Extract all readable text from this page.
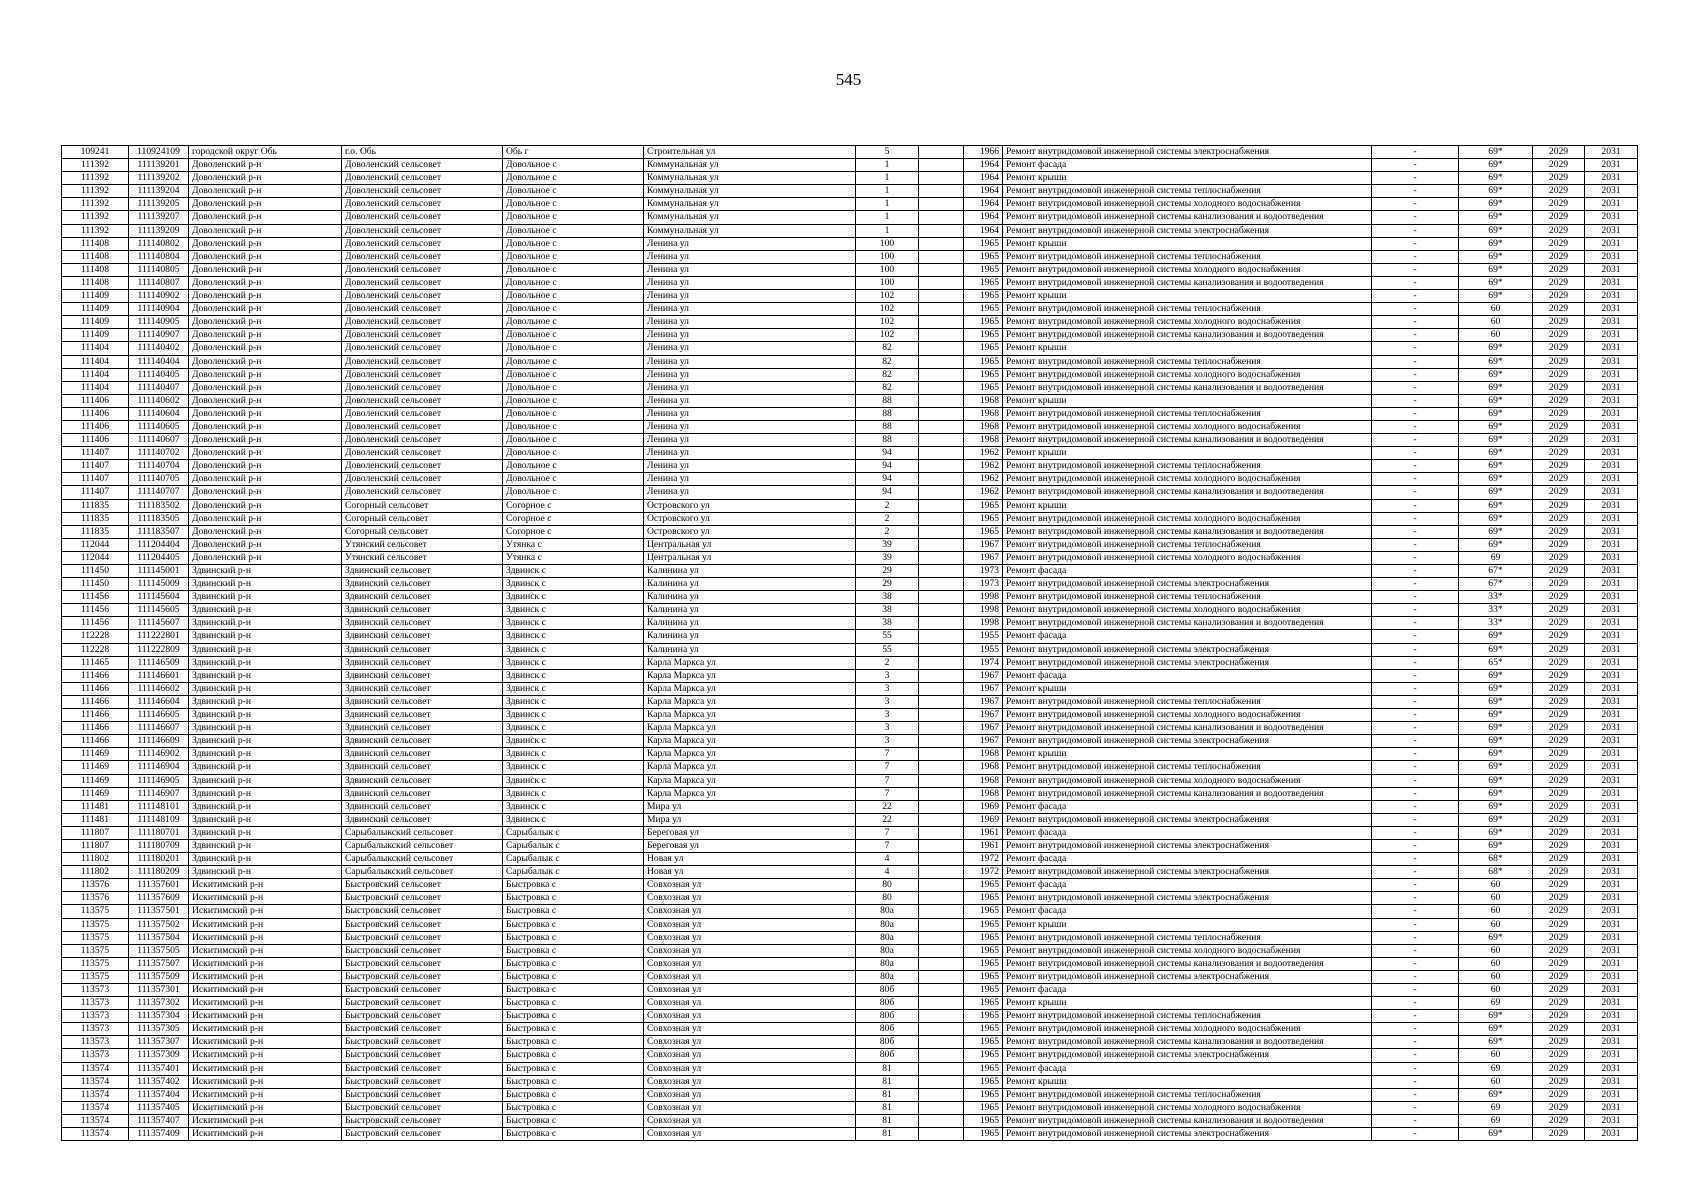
545
109241	110924109	городской округ Обь	г.о. Обь	Обь г	Строительная ул	5		1966	Ремонт внутридомовой инженерной системы электроснабжения	-	69*	2029	2031
111392	111139201	Доволенский р-н	Доволенский сельсовет	Довольное с	Коммунальная ул	1		1964	Ремонт фасада	-	69*	2029	2031
111392	111139202	Доволенский р-н	Доволенский сельсовет	Довольное с	Коммунальная ул	1		1964	Ремонт крыши	-	69*	2029	2031
111392	111139204	Доволенский р-н	Доволенский сельсовет	Довольное с	Коммунальная ул	1		1964	Ремонт внутридомовой инженерной системы теплоснабжения	-	69*	2029	2031
111392	111139205	Доволенский р-н	Доволенский сельсовет	Довольное с	Коммунальная ул	1		1964	Ремонт внутридомовой инженерной системы холодного водоснабжения	-	69*	2029	2031
111392	111139207	Доволенский р-н	Доволенский сельсовет	Довольное с	Коммунальная ул	1		1964	Ремонт внутридомовой инженерной системы канализования и водоотведения	-	69*	2029	2031
111392	111139209	Доволенский р-н	Доволенский сельсовет	Довольное с	Коммунальная ул	1		1964	Ремонт внутридомовой инженерной системы электроснабжения	-	69*	2029	2031
111408	111140802	Доволенский р-н	Доволенский сельсовет	Довольное с	Ленина ул	100		1965	Ремонт крыши	-	69*	2029	2031
111408	111140804	Доволенский р-н	Доволенский сельсовет	Довольное с	Ленина ул	100		1965	Ремонт внутридомовой инженерной системы теплоснабжения	-	69*	2029	2031
111408	111140805	Доволенский р-н	Доволенский сельсовет	Довольное с	Ленина ул	100		1965	Ремонт внутридомовой инженерной системы холодного водоснабжения	-	69*	2029	2031
111408	111140807	Доволенский р-н	Доволенский сельсовет	Довольное с	Ленина ул	100		1965	Ремонт внутридомовой инженерной системы канализования и водоотведения	-	69*	2029	2031
111409	111140902	Доволенский р-н	Доволенский сельсовет	Довольное с	Ленина ул	102		1965	Ремонт крыши	-	69*	2029	2031
111409	111140904	Доволенский р-н	Доволенский сельсовет	Довольное с	Ленина ул	102		1965	Ремонт внутридомовой инженерной системы теплоснабжения	-	60	2029	2031
111409	111140905	Доволенский р-н	Доволенский сельсовет	Довольное с	Ленина ул	102		1965	Ремонт внутридомовой инженерной системы холодного водоснабжения	-	60	2029	2031
111409	111140907	Доволенский р-н	Доволенский сельсовет	Довольное с	Ленина ул	102		1965	Ремонт внутридомовой инженерной системы канализования и водоотведения	-	60	2029	2031
111404	111140402	Доволенский р-н	Доволенский сельсовет	Довольное с	Ленина ул	82		1965	Ремонт крыши	-	69*	2029	2031
111404	111140404	Доволенский р-н	Доволенский сельсовет	Довольное с	Ленина ул	82		1965	Ремонт внутридомовой инженерной системы теплоснабжения	-	69*	2029	2031
111404	111140405	Доволенский р-н	Доволенский сельсовет	Довольное с	Ленина ул	82		1965	Ремонт внутридомовой инженерной системы холодного водоснабжения	-	69*	2029	2031
111404	111140407	Доволенский р-н	Доволенский сельсовет	Довольное с	Ленина ул	82		1965	Ремонт внутридомовой инженерной системы канализования и водоотведения	-	69*	2029	2031
111406	111140602	Доволенский р-н	Доволенский сельсовет	Довольное с	Ленина ул	88		1968	Ремонт крыши	-	69*	2029	2031
111406	111140604	Доволенский р-н	Доволенский сельсовет	Довольное с	Ленина ул	88		1968	Ремонт внутридомовой инженерной системы теплоснабжения	-	69*	2029	2031
111406	111140605	Доволенский р-н	Доволенский сельсовет	Довольное с	Ленина ул	88		1968	Ремонт внутридомовой инженерной системы холодного водоснабжения	-	69*	2029	2031
111406	111140607	Доволенский р-н	Доволенский сельсовет	Довольное с	Ленина ул	88		1968	Ремонт внутридомовой инженерной системы канализования и водоотведения	-	69*	2029	2031
111407	111140702	Доволенский р-н	Доволенский сельсовет	Довольное с	Ленина ул	94		1962	Ремонт крыши	-	69*	2029	2031
111407	111140704	Доволенский р-н	Доволенский сельсовет	Довольное с	Ленина ул	94		1962	Ремонт внутридомовой инженерной системы теплоснабжения	-	69*	2029	2031
111407	111140705	Доволенский р-н	Доволенский сельсовет	Довольное с	Ленина ул	94		1962	Ремонт внутридомовой инженерной системы холодного водоснабжения	-	69*	2029	2031
111407	111140707	Доволенский р-н	Доволенский сельсовет	Довольное с	Ленина ул	94		1962	Ремонт внутридомовой инженерной системы канализования и водоотведения	-	69*	2029	2031
111835	111183502	Доволенский р-н	Согорный сельсовет	Согорное с	Островского ул	2		1965	Ремонт крыши	-	69*	2029	2031
111835	111183505	Доволенский р-н	Согорный сельсовет	Согорное с	Островского ул	2		1965	Ремонт внутридомовой инженерной системы холодного водоснабжения	-	69*	2029	2031
111835	111183507	Доволенский р-н	Согорный сельсовет	Согорное с	Островского ул	2		1965	Ремонт внутридомовой инженерной системы канализования и водоотведения	-	69*	2029	2031
112044	111204404	Доволенский р-н	Утянский сельсовет	Утянка с	Центральная ул	39		1967	Ремонт внутридомовой инженерной системы теплоснабжения	-	69*	2029	2031
112044	111204405	Доволенский р-н	Утянский сельсовет	Утянка с	Центральная ул	39		1967	Ремонт внутридомовой инженерной системы холодного водоснабжения	-	69	2029	2031
111450	111145001	Здвинский р-н	Здвинский сельсовет	Здвинск с	Калинина ул	29		1973	Ремонт фасада	-	67*	2029	2031
111450	111145009	Здвинский р-н	Здвинский сельсовет	Здвинск с	Калинина ул	29		1973	Ремонт внутридомовой инженерной системы электроснабжения	-	67*	2029	2031
111456	111145604	Здвинский р-н	Здвинский сельсовет	Здвинск с	Калинина ул	38		1998	Ремонт внутридомовой инженерной системы теплоснабжения	-	33*	2029	2031
111456	111145605	Здвинский р-н	Здвинский сельсовет	Здвинск с	Калинина ул	38		1998	Ремонт внутридомовой инженерной системы холодного водоснабжения	-	33*	2029	2031
111456	111145607	Здвинский р-н	Здвинский сельсовет	Здвинск с	Калинина ул	38		1998	Ремонт внутридомовой инженерной системы канализования и водоотведения	-	33*	2029	2031
112228	111222801	Здвинский р-н	Здвинский сельсовет	Здвинск с	Калинина ул	55		1955	Ремонт фасада	-	69*	2029	2031
112228	111222809	Здвинский р-н	Здвинский сельсовет	Здвинск с	Калинина ул	55		1955	Ремонт внутридомовой инженерной системы электроснабжения	-	69*	2029	2031
111465	111146509	Здвинский р-н	Здвинский сельсовет	Здвинск с	Карла Маркса ул	2		1974	Ремонт внутридомовой инженерной системы электроснабжения	-	65*	2029	2031
111466	111146601	Здвинский р-н	Здвинский сельсовет	Здвинск с	Карла Маркса ул	3		1967	Ремонт фасада	-	69*	2029	2031
111466	111146602	Здвинский р-н	Здвинский сельсовет	Здвинск с	Карла Маркса ул	3		1967	Ремонт крыши	-	69*	2029	2031
111466	111146604	Здвинский р-н	Здвинский сельсовет	Здвинск с	Карла Маркса ул	3		1967	Ремонт внутридомовой инженерной системы теплоснабжения	-	69*	2029	2031
111466	111146605	Здвинский р-н	Здвинский сельсовет	Здвинск с	Карла Маркса ул	3		1967	Ремонт внутридомовой инженерной системы холодного водоснабжения	-	69*	2029	2031
111466	111146607	Здвинский р-н	Здвинский сельсовет	Здвинск с	Карла Маркса ул	3		1967	Ремонт внутридомовой инженерной системы канализования и водоотведения	-	69*	2029	2031
111466	111146609	Здвинский р-н	Здвинский сельсовет	Здвинск с	Карла Маркса ул	3		1967	Ремонт внутридомовой инженерной системы электроснабжения	-	69*	2029	2031
111469	111146902	Здвинский р-н	Здвинский сельсовет	Здвинск с	Карла Маркса ул	7		1968	Ремонт крыши	-	69*	2029	2031
111469	111146904	Здвинский р-н	Здвинский сельсовет	Здвинск с	Карла Маркса ул	7		1968	Ремонт внутридомовой инженерной системы теплоснабжения	-	69*	2029	2031
111469	111146905	Здвинский р-н	Здвинский сельсовет	Здвинск с	Карла Маркса ул	7		1968	Ремонт внутридомовой инженерной системы холодного водоснабжения	-	69*	2029	2031
111469	111146907	Здвинский р-н	Здвинский сельсовет	Здвинск с	Карла Маркса ул	7		1968	Ремонт внутридомовой инженерной системы канализования и водоотведения	-	69*	2029	2031
111481	111148101	Здвинский р-н	Здвинский сельсовет	Здвинск с	Мира ул	22		1969	Ремонт фасада	-	69*	2029	2031
111481	111148109	Здвинский р-н	Здвинский сельсовет	Здвинск с	Мира ул	22		1969	Ремонт внутридомовой инженерной системы электроснабжения	-	69*	2029	2031
111807	111180701	Здвинский р-н	Сарыбалыкский сельсовет	Сарыбалык с	Береговая ул	7		1961	Ремонт фасада	-	69*	2029	2031
111807	111180709	Здвинский р-н	Сарыбалыкский сельсовет	Сарыбалык с	Береговая ул	7		1961	Ремонт внутридомовой инженерной системы электроснабжения	-	69*	2029	2031
111802	111180201	Здвинский р-н	Сарыбалыкский сельсовет	Сарыбалык с	Новая ул	4		1972	Ремонт фасада	-	68*	2029	2031
111802	111180209	Здвинский р-н	Сарыбалыкский сельсовет	Сарыбалык с	Новая ул	4		1972	Ремонт внутридомовой инженерной системы электроснабжения	-	68*	2029	2031
113576	111357601	Искитимский р-н	Быстровский сельсовет	Быстровка с	Совхозная ул	80		1965	Ремонт фасада	-	60	2029	2031
113576	111357609	Искитимский р-н	Быстровский сельсовет	Быстровка с	Совхозная ул	80		1965	Ремонт внутридомовой инженерной системы электроснабжения	-	60	2029	2031
113575	111357501	Искитимский р-н	Быстровский сельсовет	Быстровка с	Совхозная ул	80а		1965	Ремонт фасада	-	60	2029	2031
113575	111357502	Искитимский р-н	Быстровский сельсовет	Быстровка с	Совхозная ул	80а		1965	Ремонт крыши	-	60	2029	2031
113575	111357504	Искитимский р-н	Быстровский сельсовет	Быстровка с	Совхозная ул	80а		1965	Ремонт внутридомовой инженерной системы теплоснабжения	-	69*	2029	2031
113575	111357505	Искитимский р-н	Быстровский сельсовет	Быстровка с	Совхозная ул	80а		1965	Ремонт внутридомовой инженерной системы холодного водоснабжения	-	60	2029	2031
113575	111357507	Искитимский р-н	Быстровский сельсовет	Быстровка с	Совхозная ул	80а		1965	Ремонт внутридомовой инженерной системы канализования и водоотведения	-	60	2029	2031
113575	111357509	Искитимский р-н	Быстровский сельсовет	Быстровка с	Совхозная ул	80а		1965	Ремонт внутридомовой инженерной системы электроснабжения	-	60	2029	2031
113573	111357301	Искитимский р-н	Быстровский сельсовет	Быстровка с	Совхозная ул	80б		1965	Ремонт фасада	-	60	2029	2031
113573	111357302	Искитимский р-н	Быстровский сельсовет	Быстровка с	Совхозная ул	80б		1965	Ремонт крыши	-	69	2029	2031
113573	111357304	Искитимский р-н	Быстровский сельсовет	Быстровка с	Совхозная ул	80б		1965	Ремонт внутридомовой инженерной системы теплоснабжения	-	69*	2029	2031
113573	111357305	Искитимский р-н	Быстровский сельсовет	Быстровка с	Совхозная ул	80б		1965	Ремонт внутридомовой инженерной системы холодного водоснабжения	-	69*	2029	2031
113573	111357307	Искитимский р-н	Быстровский сельсовет	Быстровка с	Совхозная ул	80б		1965	Ремонт внутридомовой инженерной системы канализования и водоотведения	-	69*	2029	2031
113573	111357309	Искитимский р-н	Быстровский сельсовет	Быстровка с	Совхозная ул	80б		1965	Ремонт внутридомовой инженерной системы электроснабжения	-	60	2029	2031
113574	111357401	Искитимский р-н	Быстровский сельсовет	Быстровка с	Совхозная ул	81		1965	Ремонт фасада	-	69	2029	2031
113574	111357402	Искитимский р-н	Быстровский сельсовет	Быстровка с	Совхозная ул	81		1965	Ремонт крыши	-	60	2029	2031
113574	111357404	Искитимский р-н	Быстровский сельсовет	Быстровка с	Совхозная ул	81		1965	Ремонт внутридомовой инженерной системы теплоснабжения	-	69*	2029	2031
113574	111357405	Искитимский р-н	Быстровский сельсовет	Быстровка с	Совхозная ул	81		1965	Ремонт внутридомовой инженерной системы холодного водоснабжения	-	69	2029	2031
113574	111357407	Искитимский р-н	Быстровский сельсовет	Быстровка с	Совхозная ул	81		1965	Ремонт внутридомовой инженерной системы канализования и водоотведения	-	69	2029	2031
113574	111357409	Искитимский р-н	Быстровский сельсовет	Быстровка с	Совхозная ул	81		1965	Ремонт внутридомовой инженерной системы электроснабжения	-	69*	2029	2031
